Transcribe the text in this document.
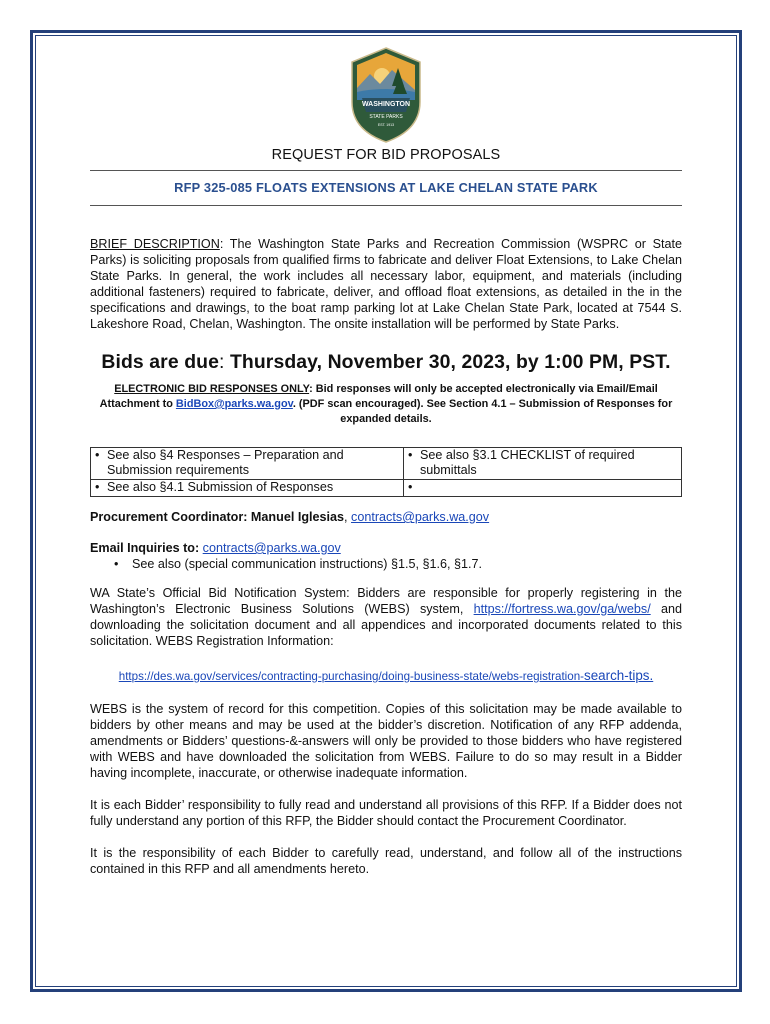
WASHINGTON
STATE PARKS
EST. 1913
REQUEST FOR BID PROPOSALS
RFP 325-085 FLOATS EXTENSIONS AT LAKE CHELAN STATE PARK
BRIEF DESCRIPTION: The Washington State Parks and Recreation Commission (WSPRC or State Parks) is soliciting proposals from qualified firms to fabricate and deliver Float Extensions, to Lake Chelan State Parks. In general, the work includes all necessary labor, equipment, and materials (including additional fasteners) required to fabricate, deliver, and offload float extensions, as detailed in the in the specifications and drawings, to the boat ramp parking lot at Lake Chelan State Park, located at 7544 S. Lakeshore Road, Chelan, Washington. The onsite installation will be performed by State Parks.
Bids are due: Thursday, November 30, 2023, by 1:00 PM, PST.
ELECTRONIC BID RESPONSES ONLY: Bid responses will only be accepted electronically via Email/Email Attachment to BidBox@parks.wa.gov. (PDF scan encouraged). See Section 4.1 – Submission of Responses for expanded details.
• See also §4 Responses – Preparation and Submission requirements	• See also §3.1 CHECKLIST of required submittals

• See also §4.1 Submission of Responses	•

Procurement Coordinator: Manuel Iglesias, contracts@parks.wa.gov
Email Inquiries to: contracts@parks.wa.gov
• See also (special communication instructions) §1.5, §1.6, §1.7.
WA State’s Official Bid Notification System: Bidders are responsible for properly registering in the Washington’s Electronic Business Solutions (WEBS) system, https://fortress.wa.gov/ga/webs/ and downloading the solicitation document and all appendices and incorporated documents related to this solicitation. WEBS Registration Information:
https://des.wa.gov/services/contracting-purchasing/doing-business-state/webs-registration-search-tips.
WEBS is the system of record for this competition. Copies of this solicitation may be made available to bidders by other means and may be used at the bidder’s discretion. Notification of any RFP addenda, amendments or Bidders’ questions-&-answers will only be provided to those bidders who have registered with WEBS and have downloaded the solicitation from WEBS. Failure to do so may result in a Bidder having incomplete, inaccurate, or otherwise inadequate information.
It is each Bidder’ responsibility to fully read and understand all provisions of this RFP. If a Bidder does not fully understand any portion of this RFP, the Bidder should contact the Procurement Coordinator.
It is the responsibility of each Bidder to carefully read, understand, and follow all of the instructions contained in this RFP and all amendments hereto.
